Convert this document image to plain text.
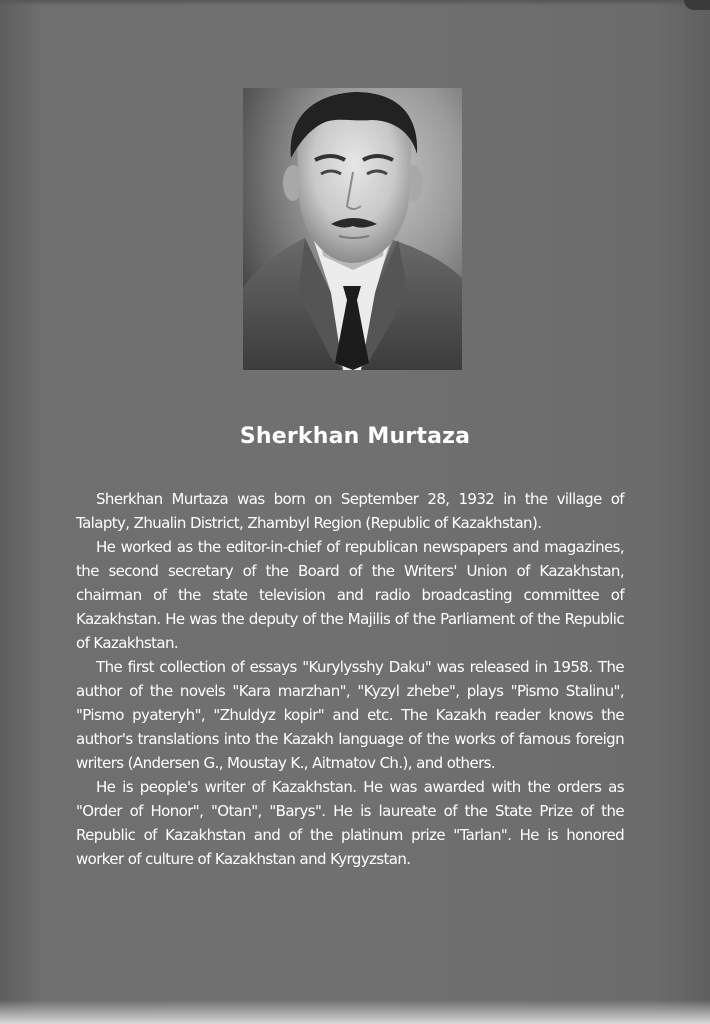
Sherkhan Murtaza

Sherkhan Murtaza was born on September 28, 1932 in the village of Talapty, Zhualin District, Zhambyl Region (Republic of Kazakhstan).

He worked as the editor-in-chief of republican newspapers and magazines, the second secretary of the Board of the Writers' Union of Kazakhstan, chairman of the state television and radio broadcasting committee of Kazakhstan. He was the deputy of the Majilis of the Parliament of the Republic of Kazakhstan.

The first collection of essays "Kurylysshy Daku" was released in 1958. The author of the novels "Kara marzhan", "Kyzyl zhebe", plays "Pismo Stalinu", "Pismo pyateryh", "Zhuldyz kopir" and etc. The Kazakh reader knows the author's translations into the Kazakh language of the works of famous foreign writers (Andersen G., Moustay K., Aitmatov Ch.), and others.

He is people's writer of Kazakhstan. He was awarded with the orders as "Order of Honor", "Otan", "Barys". He is laureate of the State Prize of the Republic of Kazakhstan and of the platinum prize "Tarlan". He is honored worker of culture of Kazakhstan and Kyrgyzstan.
